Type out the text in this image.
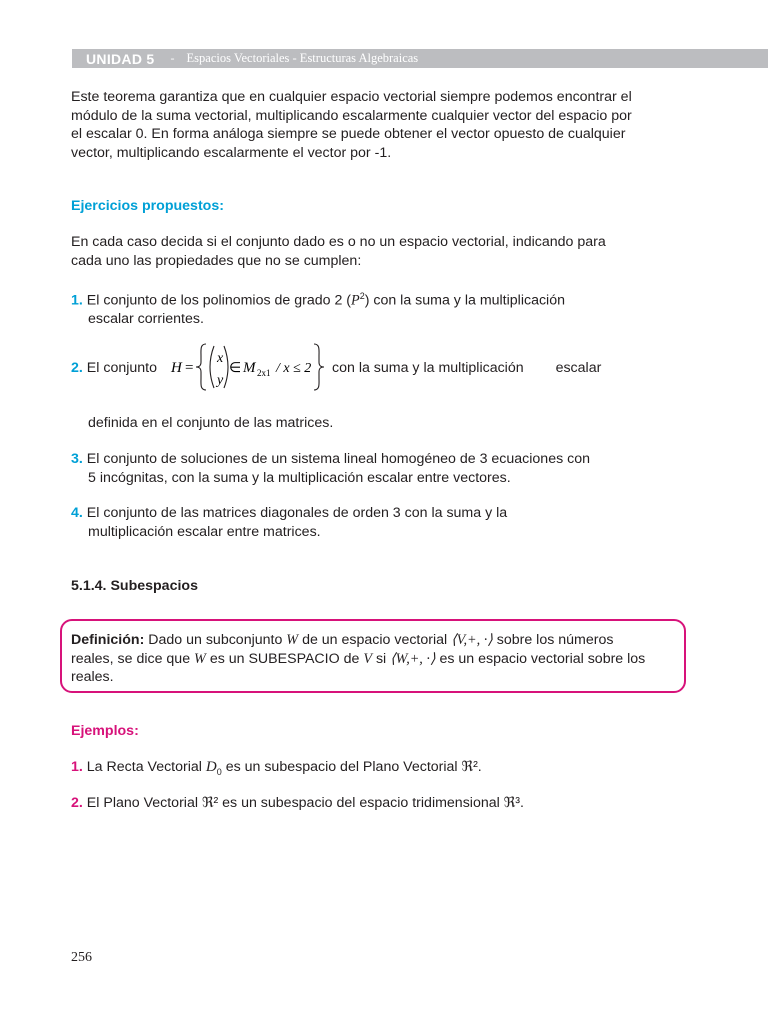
UNIDAD 5 - Espacios Vectoriales - Estructuras Algebraicas
Este teorema garantiza que en cualquier espacio vectorial siempre podemos encontrar el
módulo de la suma vectorial, multiplicando escalarmente cualquier vector del espacio por
el escalar 0. En forma análoga siempre se puede obtener el vector opuesto de cualquier
vector, multiplicando escalarmente el vector por -1.
Ejercicios propuestos:
En cada caso decida si el conjunto dado es o no un espacio vectorial, indicando para
cada uno las propiedades que no se cumplen:
1. El conjunto de los polinomios de grado 2 $(P^2)$ con la suma y la multiplicación
escalar corrientes.
2. El conjunto H =
x
y
∈ M 2x1 / x ≤ 2 con la suma y la multiplicación escalar
definida en el conjunto de las matrices.
3. El conjunto de soluciones de un sistema lineal homogéneo de 3 ecuaciones con
5 incógnitas, con la suma y la multiplicación escalar entre vectores.
4. El conjunto de las matrices diagonales de orden 3 con la suma y la
multiplicación escalar entre matrices.
5.1.4. Subespacios
Definición: Dado un subconjunto W de un espacio vectorial ⟨V,+, ·⟩ sobre los números
reales, se dice que W es un SUBESPACIO de V si ⟨W,+, ·⟩ es un espacio vectorial sobre los
reales.
Ejemplos:
1. La Recta Vectorial $D_0$ es un subespacio del Plano Vectorial ℜ².
2. El Plano Vectorial ℜ² es un subespacio del espacio tridimensional ℜ³.
256
